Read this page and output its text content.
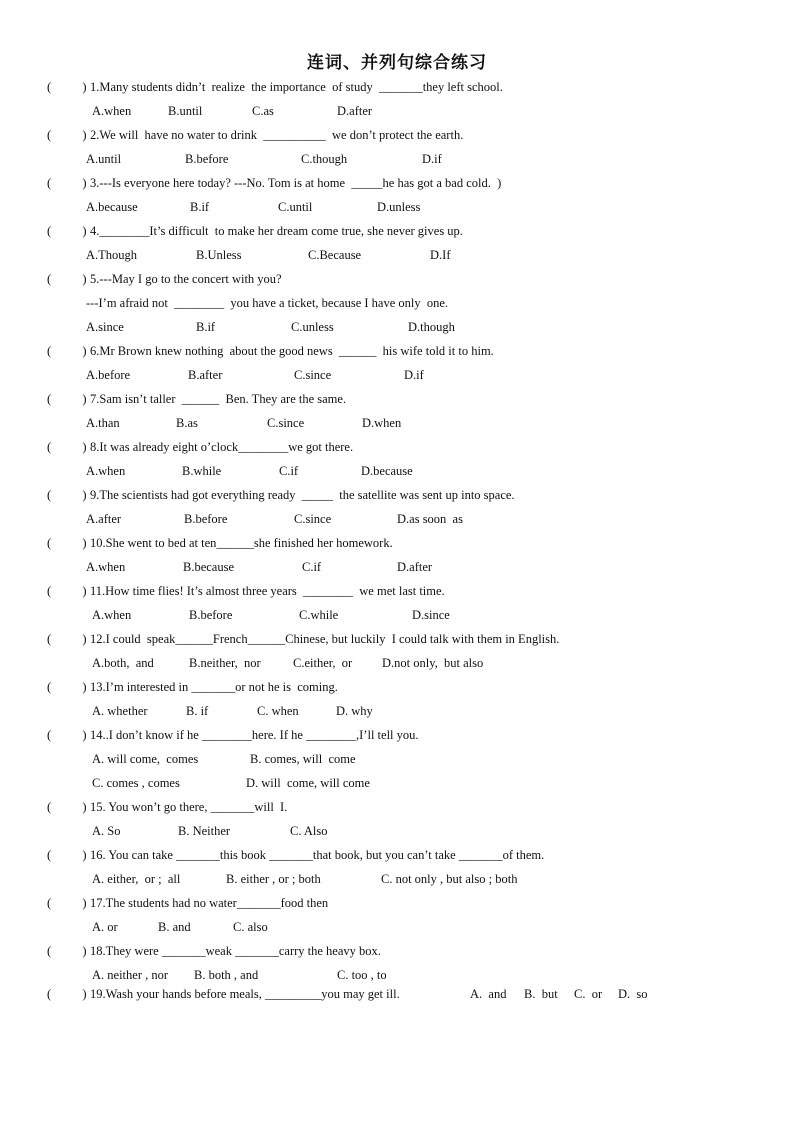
连词、并列句综合练习
(          ) 1.Many students didn’t  realize  the importance  of study  _______they left school.
A.when	B.until	C.as	D.after
(          ) 2.We will  have no water to drink  __________  we don’t protect the earth.
A.until	B.before	C.though	D.if
(          ) 3.---Is everyone here today? ---No. Tom is at home  _____he has got a bad cold.  )
A.because	B.if	C.until	D.unless
(          ) 4.________It’s difficult  to make her dream come true, she never gives up.
A.Though	B.Unless	C.Because	D.If
(          ) 5.---May I go to the concert with you?
---I’m afraid not  ________  you have a ticket, because I have only  one.
A.since	B.if	C.unless	D.though
(          ) 6.Mr Brown knew nothing  about the good news  ______  his wife told it to him.
A.before	B.after	C.since	D.if
(          ) 7.Sam isn’t taller  ______  Ben. They are the same.
A.than	B.as	C.since	D.when
(          ) 8.It was already eight o’clock________we got there.
A.when	B.while	C.if	D.because
(          ) 9.The scientists had got everything ready  _____  the satellite was sent up into space.
A.after	B.before	C.since	D.as soon  as
(          ) 10.She went to bed at ten______she finished her homework.
A.when	B.because	C.if	D.after
(          ) 11.How time flies! It’s almost three years  ________  we met last time.
A.when	B.before	C.while	D.since
(          ) 12.I could  speak______French______Chinese, but luckily  I could talk with them in English.
A.both,  and	B.neither,  nor	C.either,  or D.not only,  but also
(          ) 13.I’m interested in _______or not he is  coming.
A. whether	B. if	C. when	D. why
(          ) 14..I don’t know if he ________here. If he ________,I’ll tell you.
A. will come,  comes	B. comes, will  come
C. comes , comes	D. will  come, will come
(          ) 15. You won’t go there, _______will  I.
A. So	B. Neither	C. Also
(          ) 16. You can take _______this book _______that book, but you can’t take _______of them.
A. either,  or ;  all	B. either , or ; both	C. not only , but also ; both
(          ) 17.The students had no water_______food then
A. or	B. and	C. also
(          ) 18.They were _______weak _______carry the heavy box.
A. neither , nor B. both , and	C. too , to
(          ) 19.Wash your hands before meals, _________you may get ill.	A.  and B.  but C.  or D.  so
